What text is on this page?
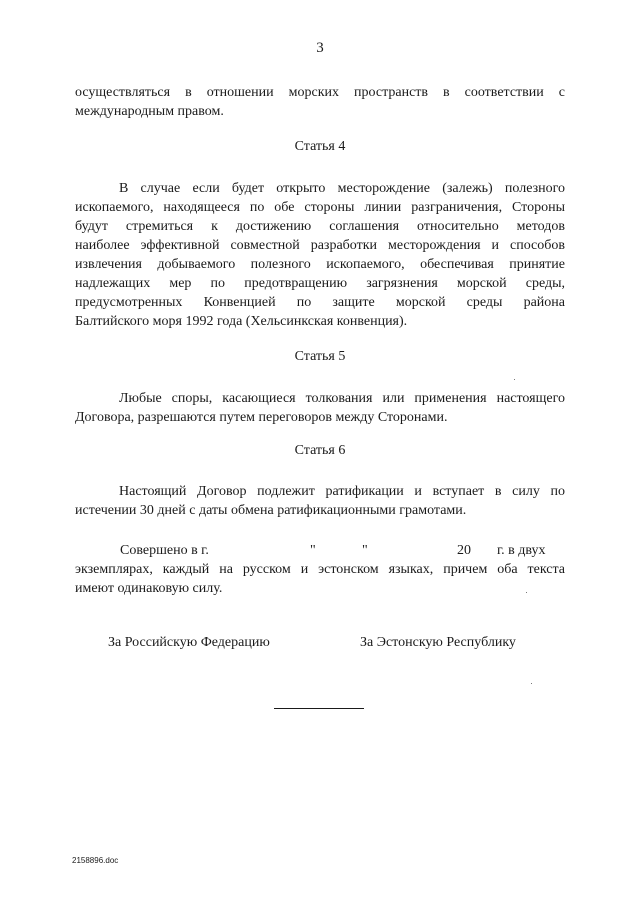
3
осуществляться в отношении морских пространств в соответствии с
международным правом.
Статья 4
В случае если будет открыто месторождение (залежь) полезного
ископаемого, находящееся по обе стороны линии разграничения, Стороны
будут стремиться к достижению соглашения относительно методов
наиболее эффективной совместной разработки месторождения и способов
извлечения добываемого полезного ископаемого, обеспечивая принятие
надлежащих мер по предотвращению загрязнения морской среды,
предусмотренных Конвенцией по защите морской среды района
Балтийского моря 1992 года (Хельсинкская конвенция).
Статья 5
Любые споры, касающиеся толкования или применения настоящего
Договора, разрешаются путем переговоров между Сторонами.
Статья 6
Настоящий Договор подлежит ратификации и вступает в силу по
истечении 30 дней с даты обмена ратификационными грамотами.
Совершено в г.	"	"	20 г. в двух
экземплярах, каждый на русском и эстонском языках, причем оба текста
имеют одинаковую силу.
За Российскую Федерацию	За Эстонскую Республику
2158896.doc
